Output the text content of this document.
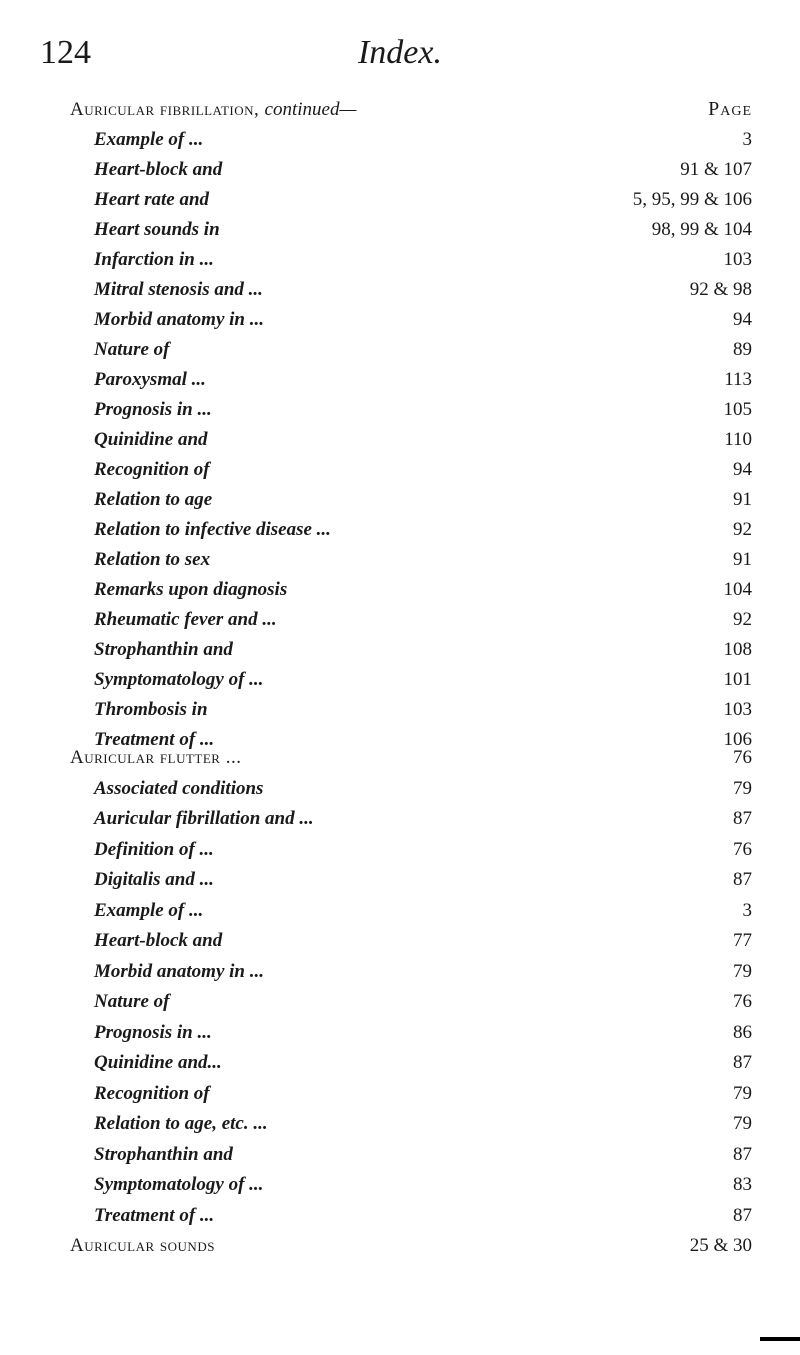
124	Index.
Auricular fibrillation, continued—	Page
Example of ...	3
Heart-block and	91 & 107
Heart rate and	5, 95, 99 & 106
Heart sounds in	98, 99 & 104
Infarction in ...	103
Mitral stenosis and ...	92 & 98
Morbid anatomy in ...	94
Nature of	89
Paroxysmal ...	113
Prognosis in ...	105
Quinidine and	110
Recognition of	94
Relation to age	91
Relation to infective disease ...	92
Relation to sex	91
Remarks upon diagnosis	104
Rheumatic fever and ...	92
Strophanthin and	108
Symptomatology of ...	101
Thrombosis in	103
Treatment of ...	106
Auricular flutter ...	76
Associated conditions	79
Auricular fibrillation and ...	87
Definition of ...	76
Digitalis and ...	87
Example of ...	3
Heart-block and	77
Morbid anatomy in ...	79
Nature of	76
Prognosis in ...	86
Quinidine and...	87
Recognition of	79
Relation to age, etc. ...	79
Strophanthin and	87
Symptomatology of ...	83
Treatment of ...	87
Auricular sounds	25 & 30
